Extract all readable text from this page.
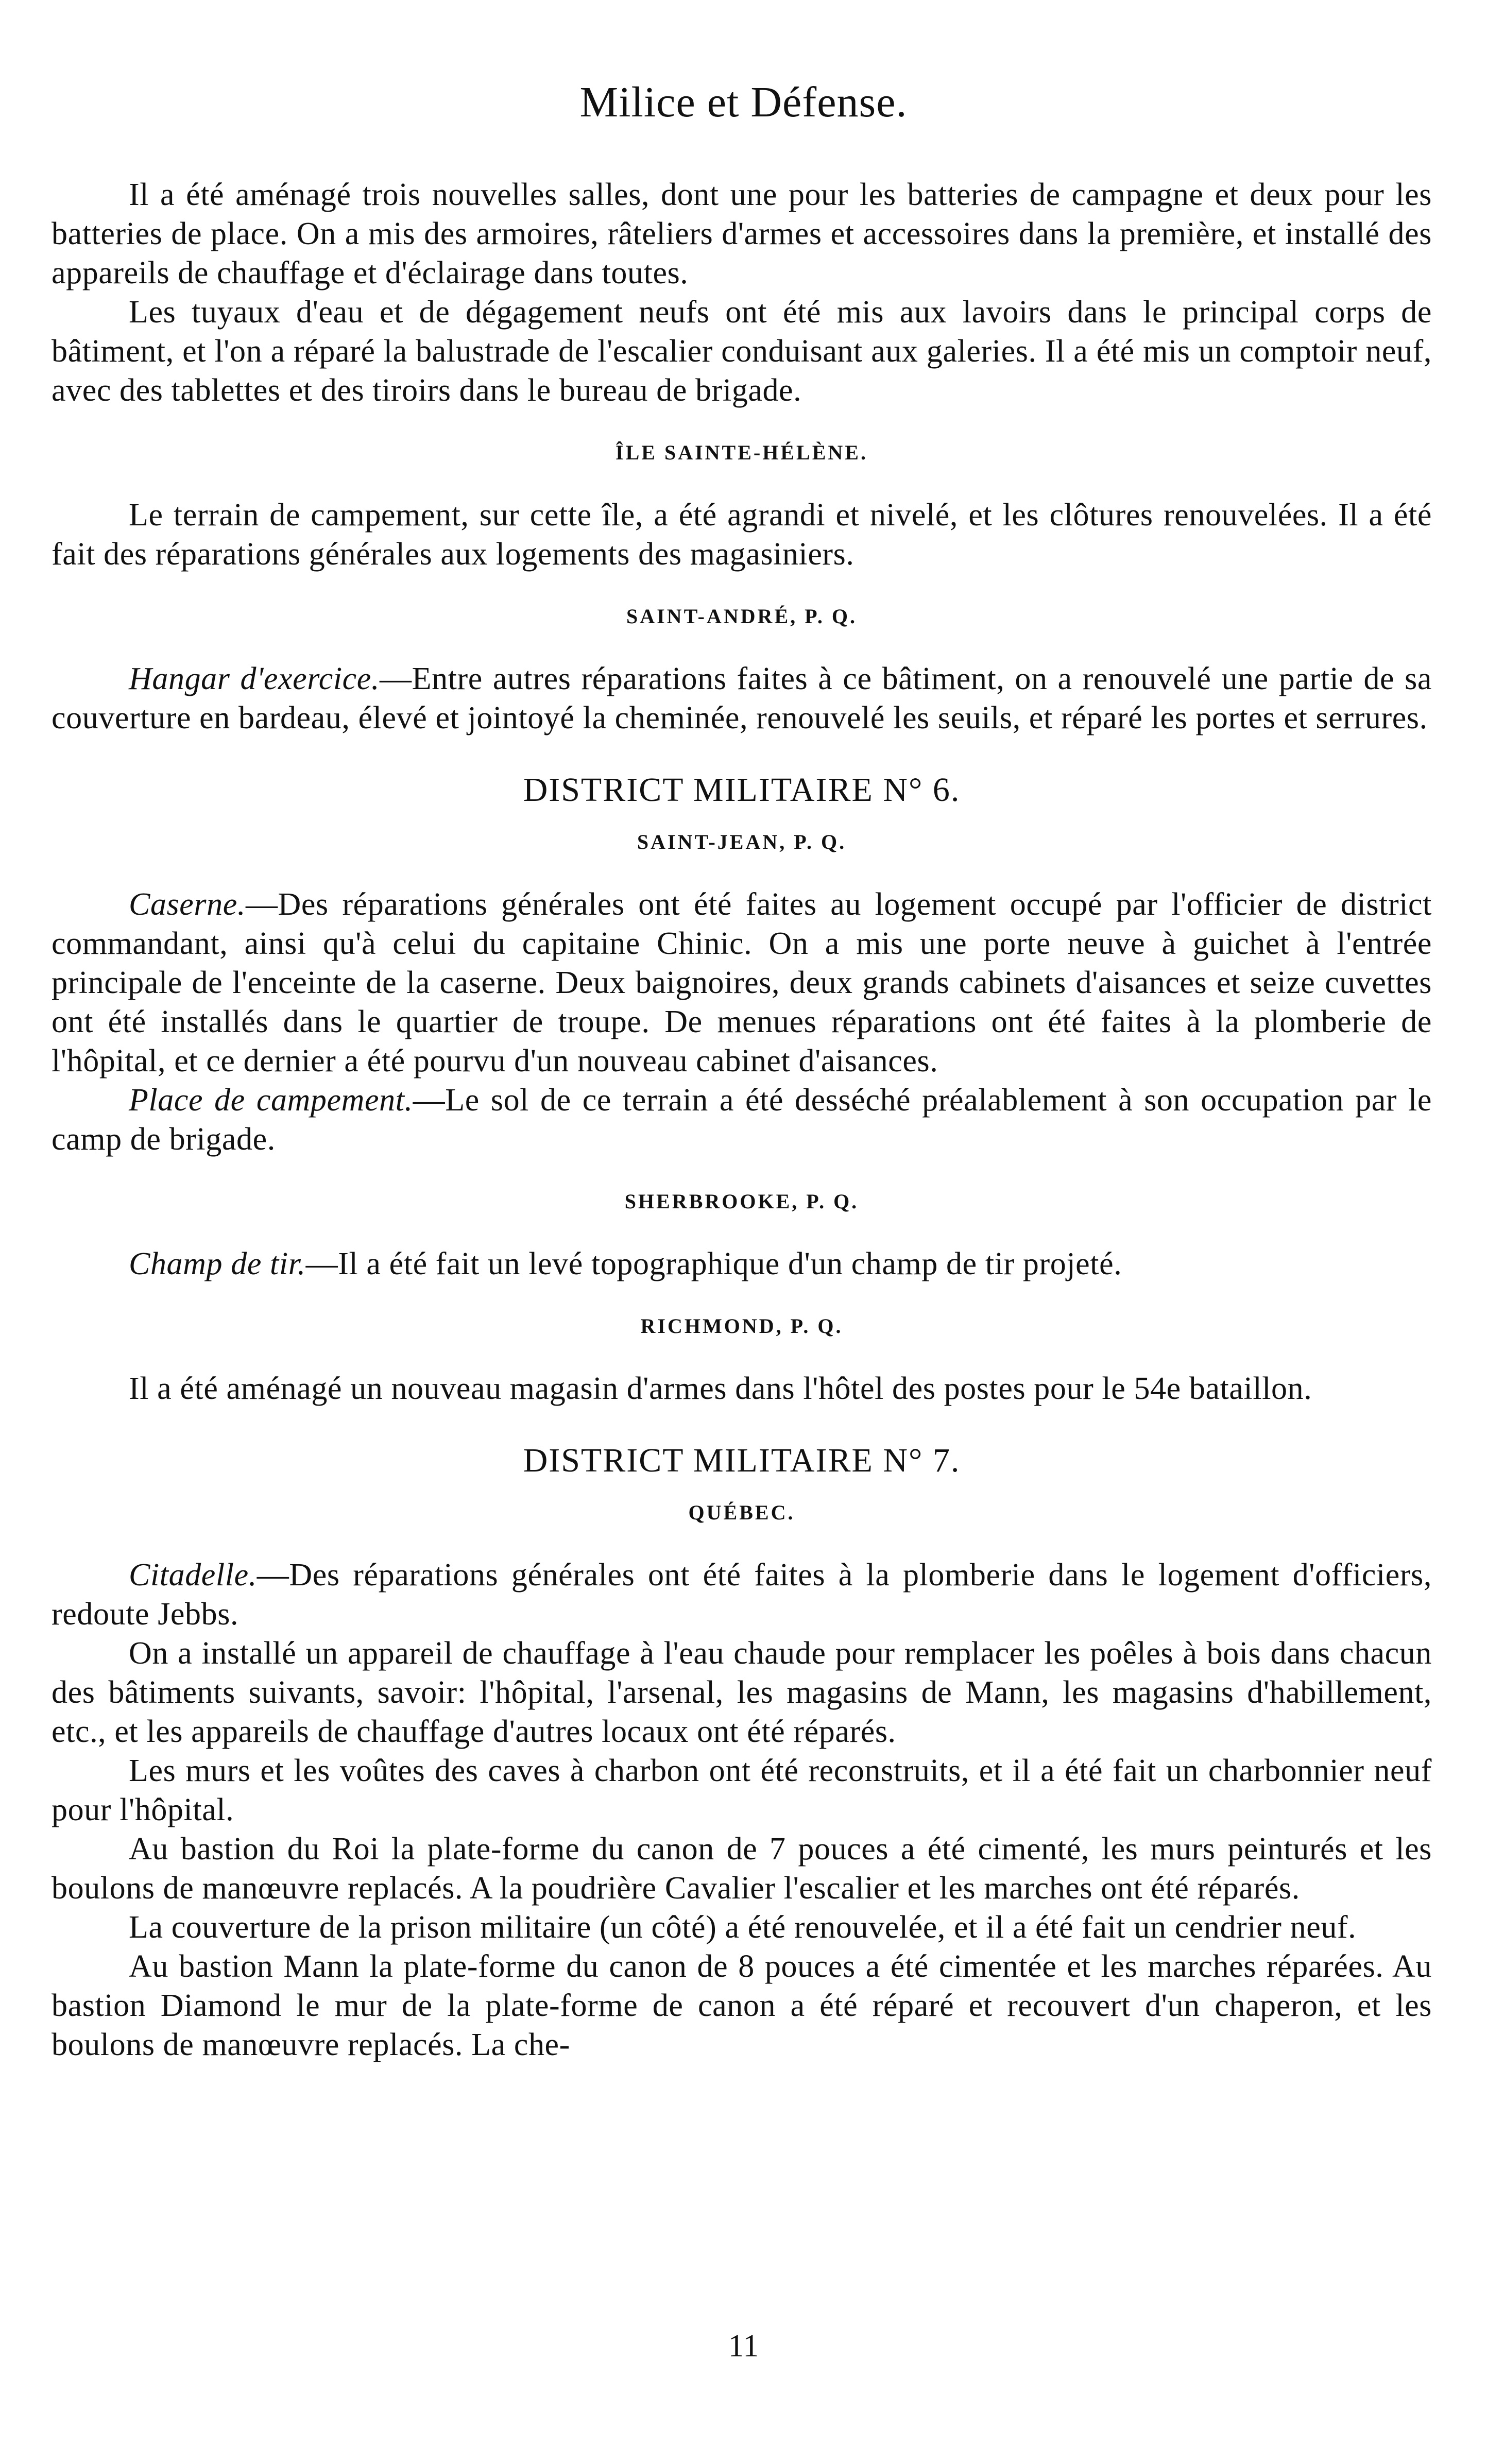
Milice et Défense.

Il a été aménagé trois nouvelles salles, dont une pour les batteries de campagne et deux pour les batteries de place. On a mis des armoires, râteliers d'armes et accessoires dans la première, et installé des appareils de chauffage et d'éclairage dans toutes.

Les tuyaux d'eau et de dégagement neufs ont été mis aux lavoirs dans le principal corps de bâtiment, et l'on a réparé la balustrade de l'escalier conduisant aux galeries. Il a été mis un comptoir neuf, avec des tablettes et des tiroirs dans le bureau de brigade.

ÎLE SAINTE-HÉLÈNE.

Le terrain de campement, sur cette île, a été agrandi et nivelé, et les clôtures renouvelées. Il a été fait des réparations générales aux logements des magasiniers.

SAINT-ANDRÉ, P. Q.

Hangar d'exercice.—Entre autres réparations faites à ce bâtiment, on a renouvelé une partie de sa couverture en bardeau, élevé et jointoyé la cheminée, renouvelé les seuils, et réparé les portes et serrures.

DISTRICT MILITAIRE N° 6.
SAINT-JEAN, P. Q.

Caserne.—Des réparations générales ont été faites au logement occupé par l'officier de district commandant, ainsi qu'à celui du capitaine Chinic. On a mis une porte neuve à guichet à l'entrée principale de l'enceinte de la caserne. Deux baignoires, deux grands cabinets d'aisances et seize cuvettes ont été installés dans le quartier de troupe. De menues réparations ont été faites à la plomberie de l'hôpital, et ce dernier a été pourvu d'un nouveau cabinet d'aisances.

Place de campement.—Le sol de ce terrain a été desséché préalablement à son occupation par le camp de brigade.

SHERBROOKE, P. Q.

Champ de tir.—Il a été fait un levé topographique d'un champ de tir projeté.

RICHMOND, P. Q.

Il a été aménagé un nouveau magasin d'armes dans l'hôtel des postes pour le 54e bataillon.

DISTRICT MILITAIRE N° 7.
QUÉBEC.

Citadelle.—Des réparations générales ont été faites à la plomberie dans le logement d'officiers, redoute Jebbs.

On a installé un appareil de chauffage à l'eau chaude pour remplacer les poêles à bois dans chacun des bâtiments suivants, savoir: l'hôpital, l'arsenal, les magasins de Mann, les magasins d'habillement, etc., et les appareils de chauffage d'autres locaux ont été réparés.

Les murs et les voûtes des caves à charbon ont été reconstruits, et il a été fait un charbonnier neuf pour l'hôpital.

Au bastion du Roi la plate-forme du canon de 7 pouces a été cimenté, les murs peinturés et les boulons de manœuvre replacés. A la poudrière Cavalier l'escalier et les marches ont été réparés.

La couverture de la prison militaire (un côté) a été renouvelée, et il a été fait un cendrier neuf.

Au bastion Mann la plate-forme du canon de 8 pouces a été cimentée et les marches réparées. Au bastion Diamond le mur de la plate-forme de canon a été réparé et recouvert d'un chaperon, et les boulons de manœuvre replacés. La che-

11
